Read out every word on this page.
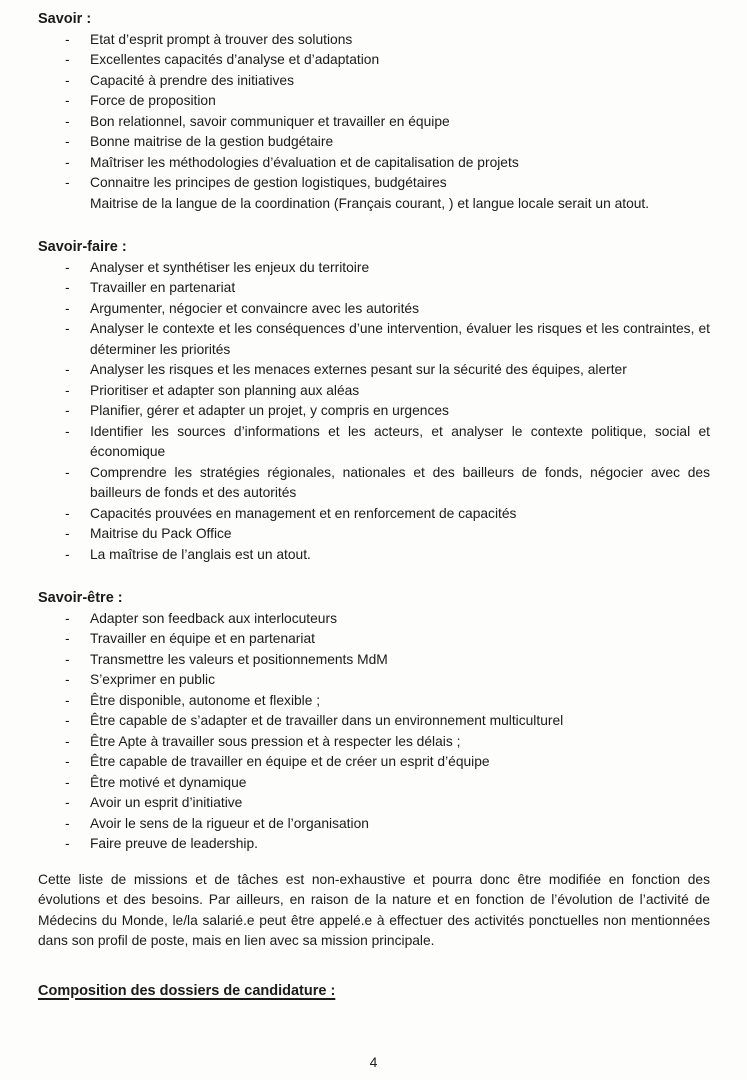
Savoir :
-	Etat d’esprit prompt à trouver des solutions
-	Excellentes capacités d’analyse et d’adaptation
-	Capacité à prendre des initiatives
-	Force de proposition
-	Bon relationnel, savoir communiquer et travailler en équipe
-	Bonne maitrise de la gestion budgétaire
-	Maîtriser les méthodologies d’évaluation et de capitalisation de projets
-	Connaitre les principes de gestion logistiques, budgétaires
Maitrise de la langue de la coordination (Français courant, ) et langue locale serait un atout.
Savoir-faire :
-	Analyser et synthétiser les enjeux du territoire
-	Travailler en partenariat
-	Argumenter, négocier et convaincre avec les autorités
-	Analyser le contexte et les conséquences d’une intervention, évaluer les risques et les contraintes, et déterminer les priorités
-	Analyser les risques et les menaces externes pesant sur la sécurité des équipes, alerter
-	Prioritiser et adapter son planning aux aléas
-	Planifier, gérer et adapter un projet, y compris en urgences
-	Identifier les sources d’informations et les acteurs, et analyser le contexte politique, social et économique
-	Comprendre les stratégies régionales, nationales et des bailleurs de fonds, négocier avec des bailleurs de fonds et des autorités
-	Capacités prouvées en management et en renforcement de capacités
-	Maitrise du Pack Office
-	La maîtrise de l’anglais est un atout.
Savoir-être :
-	Adapter son feedback aux interlocuteurs
-	Travailler en équipe et en partenariat
-	Transmettre les valeurs et positionnements MdM
-	S’exprimer en public
-	Être disponible, autonome et flexible ;
-	Être capable de s’adapter et de travailler dans un environnement multiculturel
-	Être Apte à travailler sous pression et à respecter les délais ;
-	Être capable de travailler en équipe et de créer un esprit d’équipe
-	Être motivé et dynamique
-	Avoir un esprit d’initiative
-	Avoir le sens de la rigueur et de l’organisation
-	Faire preuve de leadership.

Cette liste de missions et de tâches est non-exhaustive et pourra donc être modifiée en fonction des évolutions et des besoins. Par ailleurs, en raison de la nature et en fonction de l’évolution de l’activité de Médecins du Monde, le/la salarié.e peut être appelé.e à effectuer des activités ponctuelles non mentionnées dans son profil de poste, mais en lien avec sa mission principale.

Composition des dossiers de candidature :
4
